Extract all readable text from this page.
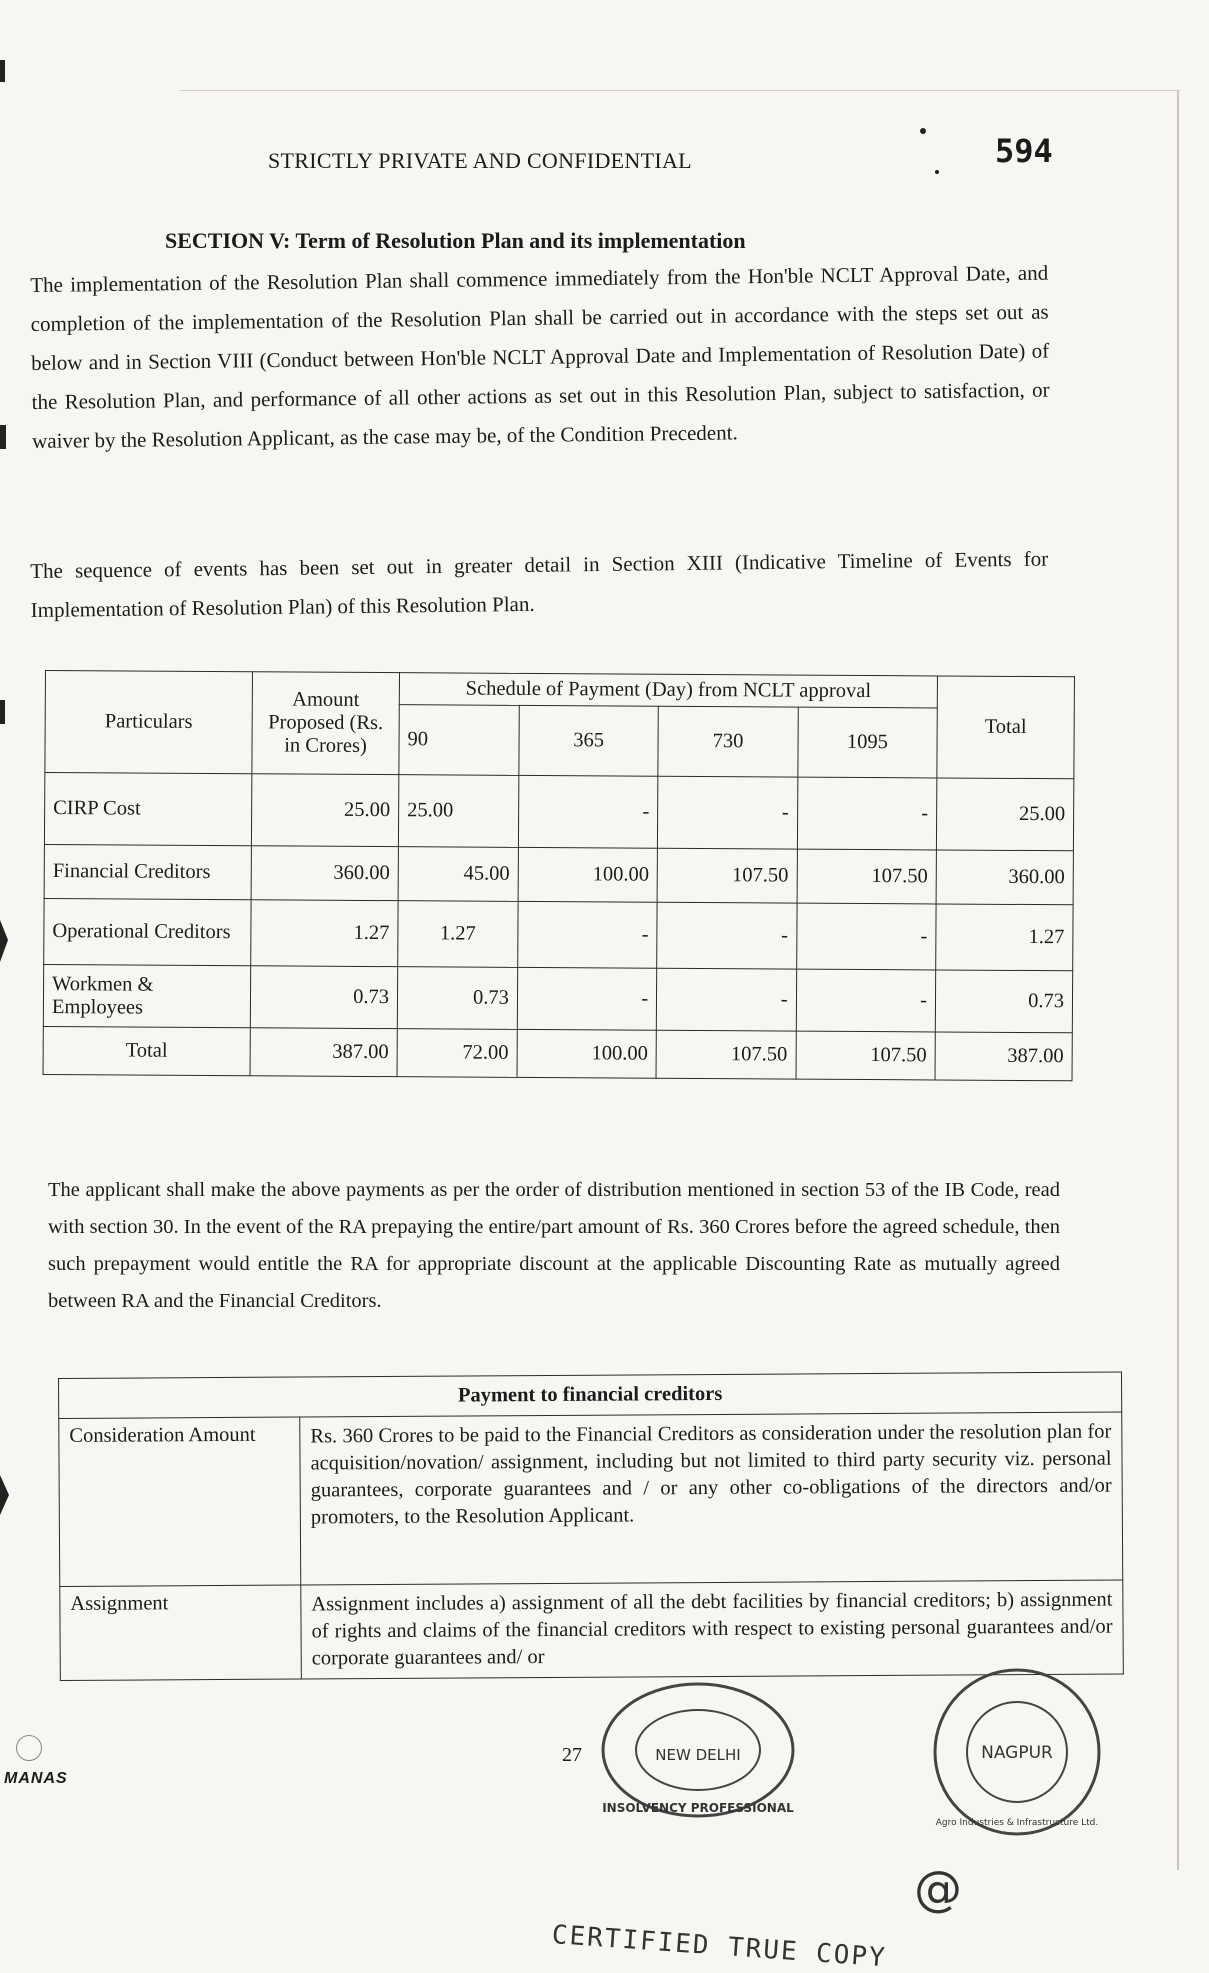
STRICTLY PRIVATE AND CONFIDENTIAL	594
SECTION V: Term of Resolution Plan and its implementation
The implementation of the Resolution Plan shall commence immediately from the Hon'ble NCLT Approval Date, and completion of the implementation of the Resolution Plan shall be carried out in accordance with the steps set out as below and in Section VIII (Conduct between Hon'ble NCLT Approval Date and Implementation of Resolution Date) of the Resolution Plan, and performance of all other actions as set out in this Resolution Plan, subject to satisfaction, or waiver by the Resolution Applicant, as the case may be, of the Condition Precedent.
The sequence of events has been set out in greater detail in Section XIII (Indicative Timeline of Events for Implementation of Resolution Plan) of this Resolution Plan.
Particulars	Amount Proposed (Rs. in Crores)	Schedule of Payment (Day) from NCLT approval				Total
		90	365	730	1095	
CIRP Cost	25.00	25.00	-	-	-	25.00
Financial Creditors	360.00	45.00	100.00	107.50	107.50	360.00
Operational Creditors	1.27	1.27	-	-	-	1.27
Workmen & Employees	0.73	0.73	-	-	-	0.73
Total	387.00	72.00	100.00	107.50	107.50	387.00
The applicant shall make the above payments as per the order of distribution mentioned in section 53 of the IB Code, read with section 30. In the event of the RA prepaying the entire/part amount of Rs. 360 Crores before the agreed schedule, then such prepayment would entitle the RA for appropriate discount at the applicable Discounting Rate as mutually agreed between RA and the Financial Creditors.
Payment to financial creditors	
Consideration Amount	Rs. 360 Crores to be paid to the Financial Creditors as consideration under the resolution plan for acquisition/novation/ assignment, including but not limited to third party security viz. personal guarantees, corporate guarantees and / or any other co-obligations of the directors and/or promoters, to the Resolution Applicant.
Assignment	Assignment includes a) assignment of all the debt facilities by financial creditors; b) assignment of rights and claims of the financial creditors with respect to existing personal guarantees and/or corporate guarantees and/ or
27
MANAS
NEW DELHI
INSOLVENCY PROFESSIONAL
NAGPUR
Agro Industries & Infrastructure Ltd.
@
CERTIFIED TRUE COPY
